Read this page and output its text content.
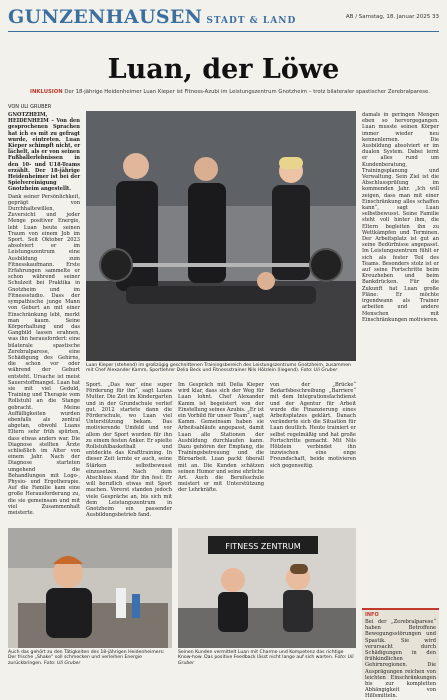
GUNZENHAUSEN STADT & LAND	AB / Samstag, 18. Januar 2025 33
Luan, der Löwe
INKLUSION Der 18-jährige Heidenheimer Luan Kieper ist Fitness-Azubi im Leistungszentrum Gnotzheim – trotz bilateraler spastischer Zerebralparese.
VON ULI GRUBER

GNOTZHEIM, HEIDENHEIM – Von den gesprochenen Sprachen hat ich es mit zu gefragt wurde, eintreten. Luan Kieper schimpft nicht, er lächelt, als er von seinen Fußballerlebnissen in den 10- und U18-Teams erzählt. Der 18-jährige Heidenheimer ist bei der Spielvereinigung Gnotzheim angestellt.

Dank seiner Persönlichkeit, geprägt von Durchhaltewillen, Zuversicht und jeder Menge positiver Energie, lebt Luan heute seinen Traum von einem Job im Sport. Seit Oktober 2023 absolviert er im Leistungszentrum eine Ausbildung zum Fitnesskaufmann. Erste Erfahrungen sammelte er schon während seiner Schulzeit bei Praktika in Gnotzheim und im Fitnessstudio. Dass der sympathische junge Mann von Geburt an mit einer Einschränkung lebt, merkt man kaum. Seine Körperhaltung und das Gangbild lassen erahnen, was ihn herausfordert: eine bilaterale spastische Zerebralparese, eine Schädigung des Gehirns, die schon vor oder während der Geburt entsteht. Ursache ist meist Sauerstoffmangel. Luan hat sie mit viel Geduld, Training und Therapie vom Rollstuhl an die Stange gebracht. Meine Auffälligkeiten wurden ebenfalls als zentral abgetan, obwohl Luans Eltern sehr früh spürten, dass etwas anders war. Die Diagnose stellten Ärzte schließlich im Alter von einem Jahr. Nach der Diagnose starteten umgehend die Behandlungen mit Logo-, Physio- und Ergotherapie. Auf die Familie kam eine große Herausforderung zu, die sie gemeinsam und mit viel Zusammenhalt meisterte.

Luan Kieper (stehend) im großzügig geschnittenen Trainingsbereich des Leistungszentrums Gnotzheim, zusammen mit Chef Alexander Kamm, Sportlehrer Delia Beck und Fitnessstrainer Nils Hölzlein (liegend). Foto: Uli Gruber

Sport. „Das war eine super Förderung für ihn“, sagt Luans Mutter. Die Zeit im Kindergarten und in der Grundschule verlief gut. 2012 startete dann die Förderschule, wo Luan viel Unterstützung bekam. Das motivierende Umfeld und vor allem der Sport wurden für ihn zu einem festen Anker. Er spielte Rollstuhlbasketball und entdeckte das Krafttraining. In dieser Zeit lernte er auch, seine Stärken selbstbewusst einzusetzen. Nach dem Abschluss stand für ihn fest: Er will beruflich etwas mit Sport machen. Vorerst standen jedoch viele Gespräche an, bis sich mit dem Leistungszentrum in Gnotzheim ein passender Ausbildungsbetrieb fand.

Im Gespräch mit Delia Kieper wird klar, dass sich der Weg für Luan lohnt. Chef Alexander Kamm ist begeistert von der Einstellung seines Azubis. „Er ist ein Vorbild für unser Team“, sagt Kamm. Gemeinsam haben sie Arbeitsabläufe angepasst, damit Luan alle Stationen der Ausbildung durchlaufen kann. Dazu gehören der Empfang, die Trainingsbetreuung und die Büroarbeit. Luan packt überall mit an. Die Kunden schätzen seinen Humor und seine ehrliche Art. Auch die Berufsschule meistert er mit Unterstützung der Lehrkräfte.

von der „Brücke“ Bedarfsbeschreibung „Barriere“ mit dem Integrationsfachdienst und der Agentur für Arbeit wurde die Finanzierung eines Arbeitsplatzes geklärt. Danach veränderte sich die Situation für Luan deutlich. Heute trainiert er selbst regelmäßig und hat große Fortschritte gemacht. Mit Nils Hölzlein verbindet ihn inzwischen eine enge Freundschaft, beide motivieren sich gegenseitig.

damals in geringen Mengen eben so hervorgegangen. Luan musste seinen Körper immer wieder neu kennenlernen. Die Ausbildung absolviert er im dualen System. Dabei lernt er alles rund um Kundenberatung, Trainingsplanung und Verwaltung. Sein Ziel ist die Abschlussprüfung im kommenden Jahr. „Ich will zeigen, dass man mit einer Einschränkung alles schaffen kann“, sagt Luan selbstbewusst. Seine Familie steht voll hinter ihm, die Eltern begleiten ihn zu Wettkämpfen und Terminen. Der Arbeitsplatz ist gut an seine Bedürfnisse angepasst. Im Leistungszentrum fühlt er sich als fester Teil des Teams. Besonders stolz ist er auf seine Fortschritte beim Kreuzheben und beim Bankdrücken. Für die Zukunft hat Luan große Pläne: Er möchte irgendwann als Trainer arbeiten und andere Menschen mit Einschränkungen motivieren.

Auch das gehört zu den Tätigkeiten des 18-jährigen Heidenheimers: Der frische „Shake“ soll schmecken und verleihen Energie zurückbringen. Foto: Uli Gruber
FITNESS ZENTRUM
Seinen Kunden vermittelt Luan mit Charme und Kompetenz das richtige Know-how. Das positive Feedback lässt nicht lange auf sich warten. Foto: Uli Gruber
INFO
Bei der „Zerebralparese“ haben Betroffene Bewegungsstörungen und Spastik. Sie wird verursacht durch Schädigungen in den frühkindlichen Gehirnregionen. Die Ausprägungen reichen von leichten Einschränkungen bis zur kompletten Abhängigkeit von Hilfsmitteln.
